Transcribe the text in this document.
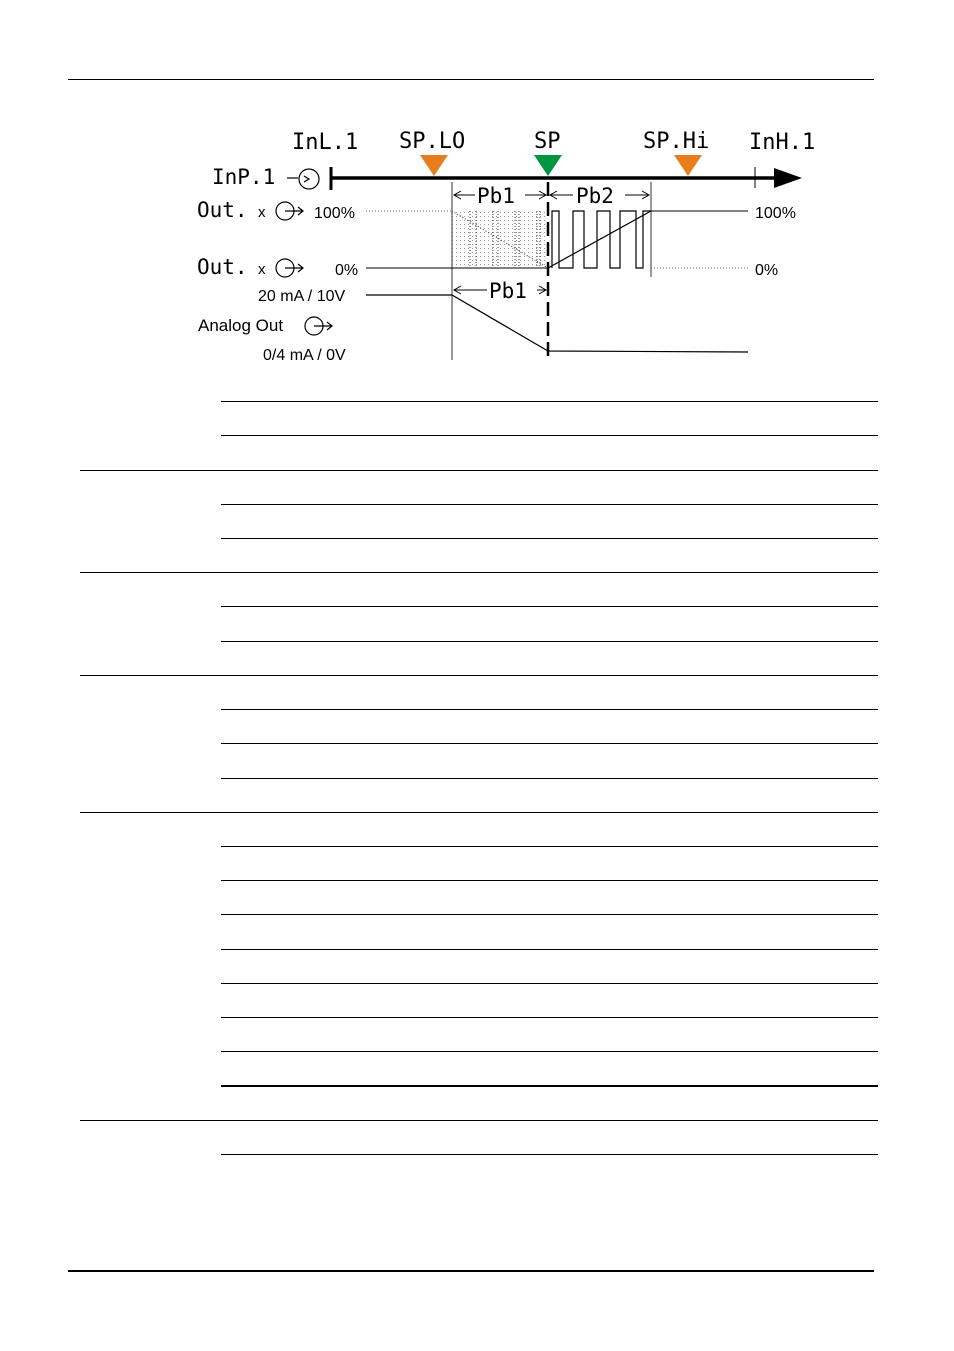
InL.1 SP.LO	SP	SP.Hi InH.1
InP.1
Pb1	Pb2
Out. x	100%
Out. x	0%
100%
0%
20 mA / 10V
Analog Out
0/4 mA / 0V
Pb1
